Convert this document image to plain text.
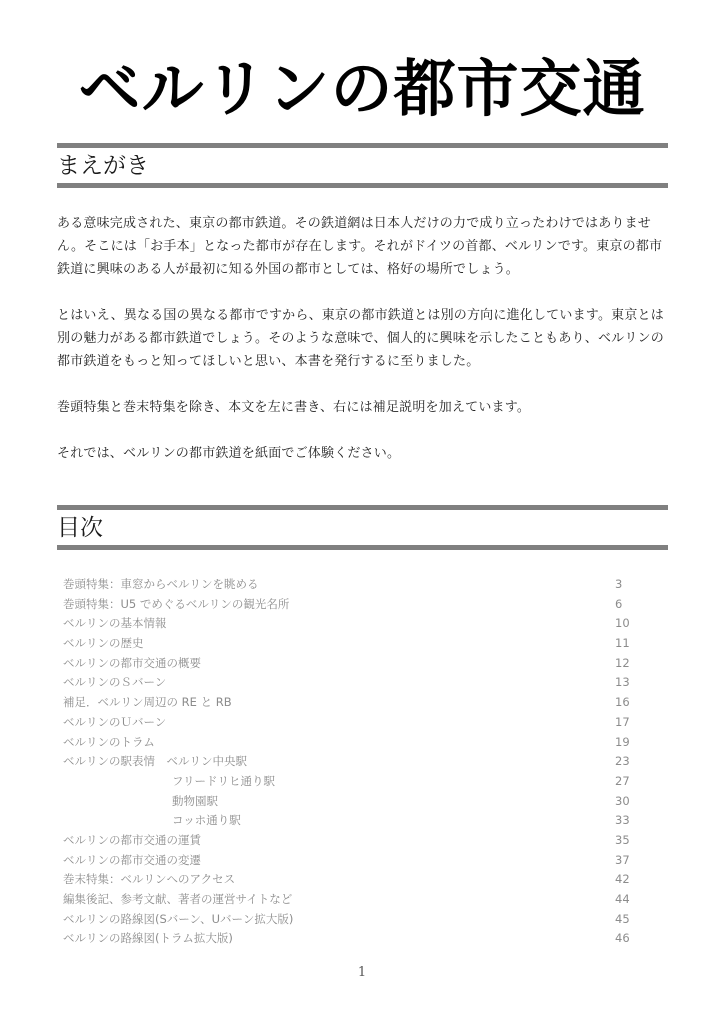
ベルリンの都市交通
まえがき

ある意味完成された、東京の都市鉄道。その鉄道網は日本人だけの力で成り立ったわけではありません。そこには「お手本」となった都市が存在します。それがドイツの首都、ベルリンです。東京の都市鉄道に興味のある人が最初に知る外国の都市としては、格好の場所でしょう。

とはいえ、異なる国の異なる都市ですから、東京の都市鉄道とは別の方向に進化しています。東京とは別の魅力がある都市鉄道でしょう。そのような意味で、個人的に興味を示したこともあり、ベルリンの都市鉄道をもっと知ってほしいと思い、本書を発行するに至りました。

巻頭特集と巻末特集を除き、本文を左に書き、右には補足説明を加えています。

それでは、ベルリンの都市鉄道を紙面でご体験ください。

目次
巻頭特集：車窓からベルリンを眺める	3
巻頭特集：U5 でめぐるベルリンの観光名所	6
ベルリンの基本情報	10
ベルリンの歴史	11
ベルリンの都市交通の概要	12
ベルリンのＳバーン	13
補足．ベルリン周辺の RE と RB	16
ベルリンのＵバーン	17
ベルリンのトラム	19
ベルリンの駅表情　ベルリン中央駅	23
フリードリヒ通り駅	27
動物園駅	30
コッホ通り駅	33
ベルリンの都市交通の運賃	35
ベルリンの都市交通の変遷	37
巻末特集：ベルリンへのアクセス	42
編集後記、参考文献、著者の運営サイトなど	44
ベルリンの路線図(Sバーン、Uバーン拡大版)	45
ベルリンの路線図(トラム拡大版)	46
1
